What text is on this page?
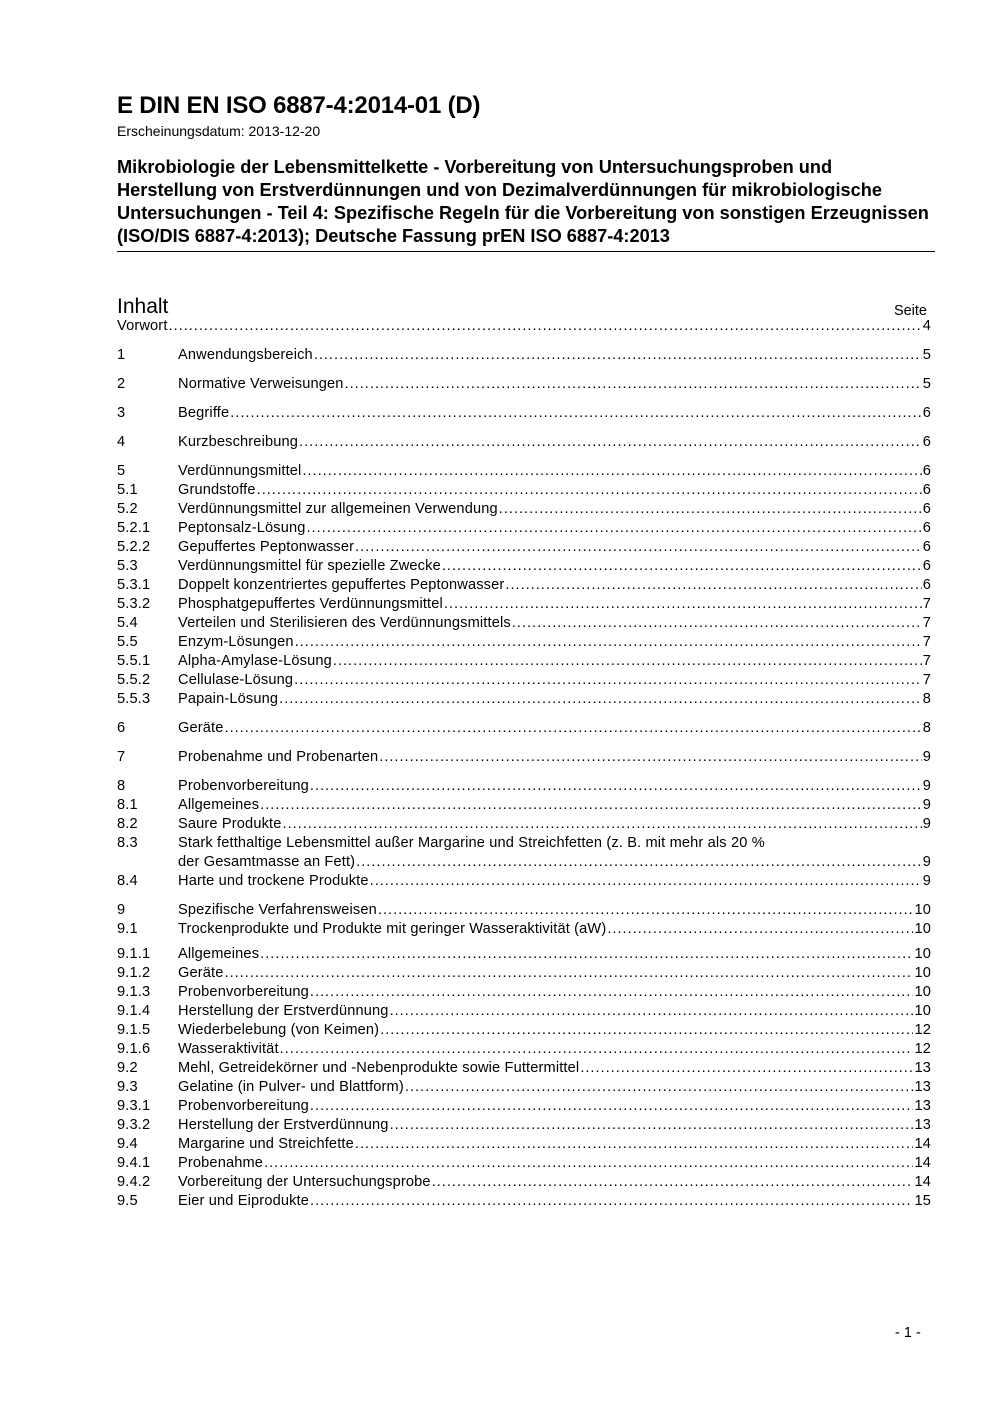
E DIN EN ISO 6887-4:2014-01 (D)
Erscheinungsdatum: 2013-12-20
Mikrobiologie der Lebensmittelkette - Vorbereitung von Untersuchungsproben und Herstellung von Erstverdünnungen und von Dezimalverdünnungen für mikrobiologische Untersuchungen - Teil 4: Spezifische Regeln für die Vorbereitung von sonstigen Erzeugnissen (ISO/DIS 6887-4:2013); Deutsche Fassung prEN ISO 6887-4:2013
Inhalt	Seite
Vorwort .....	4
1	Anwendungsbereich .....	5
2	Normative Verweisungen .....	5
3	Begriffe .....	6
4	Kurzbeschreibung .....	6
5	Verdünnungsmittel .....	6
5.1	Grundstoffe .....	6
5.2	Verdünnungsmittel zur allgemeinen Verwendung .....	6
5.2.1	Peptonsalz-Lösung .....	6
5.2.2	Gepuffertes Peptonwasser .....	6
5.3	Verdünnungsmittel für spezielle Zwecke .....	6
5.3.1	Doppelt konzentriertes gepuffertes Peptonwasser .....	6
5.3.2	Phosphatgepuffertes Verdünnungsmittel .....	7
5.4	Verteilen und Sterilisieren des Verdünnungsmittels .....	7
5.5	Enzym-Lösungen .....	7
5.5.1	Alpha-Amylase-Lösung .....	7
5.5.2	Cellulase-Lösung .....	7
5.5.3	Papain-Lösung .....	8
6	Geräte .....	8
7	Probenahme und Probenarten .....	9
8	Probenvorbereitung .....	9
8.1	Allgemeines .....	9
8.2	Saure Produkte .....	9
8.3	Stark fetthaltige Lebensmittel außer Margarine und Streichfetten (z. B. mit mehr als 20 %
der Gesamtmasse an Fett) .....	9
8.4	Harte und trockene Produkte .....	9
9	Spezifische Verfahrensweisen .....	10
9.1	Trockenprodukte und Produkte mit geringer Wasseraktivität (aW) .....	10
9.1.1	Allgemeines .....	10
9.1.2	Geräte .....	10
9.1.3	Probenvorbereitung .....	10
9.1.4	Herstellung der Erstverdünnung .....	10
9.1.5	Wiederbelebung (von Keimen) .....	12
9.1.6	Wasseraktivität .....	12
9.2	Mehl, Getreidekörner und -Nebenprodukte sowie Futtermittel .....	13
9.3	Gelatine (in Pulver- und Blattform) .....	13
9.3.1	Probenvorbereitung .....	13
9.3.2	Herstellung der Erstverdünnung .....	13
9.4	Margarine und Streichfette .....	14
9.4.1	Probenahme .....	14
9.4.2	Vorbereitung der Untersuchungsprobe .....	14
9.5	Eier und Eiprodukte .....	15
- 1 -
